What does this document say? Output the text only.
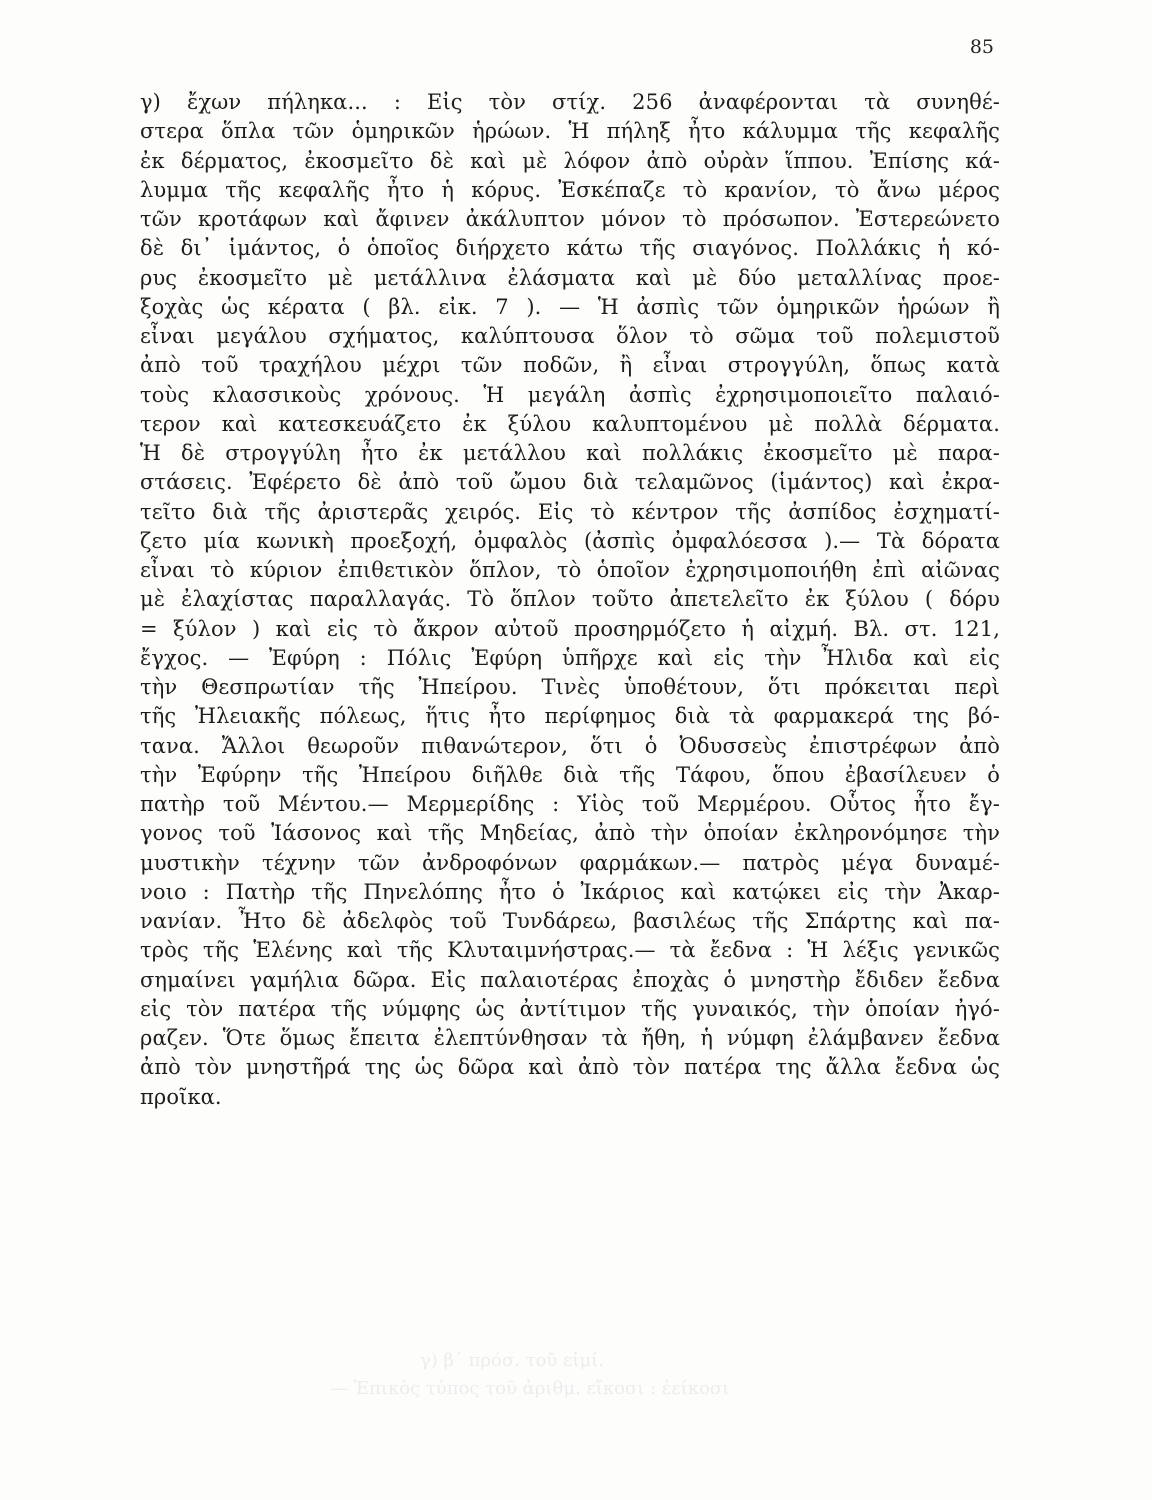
85
γ) β΄ πρόσ. τοῦ εἰμί.
— Ἐπικὸς τύπος τοῦ ἀριθμ. εἴκοσι : ἐείκοσι
γ) ἔχων πήληκα... : Εἰς τὸν στίχ. 256 ἀναφέρονται τὰ συνηθέ-
στερα ὅπλα τῶν ὁμηρικῶν ἡρώων. Ἡ πήληξ ἦτο κάλυμμα τῆς κεφαλῆς
ἐκ δέρματος, ἐκοσμεῖτο δὲ καὶ μὲ λόφον ἀπὸ οὐρὰν ἵππου. Ἐπίσης κά-
λυμμα τῆς κεφαλῆς ἦτο ἡ κόρυς. Ἐσκέπαζε τὸ κρανίον, τὸ ἄνω μέρος
τῶν κροτάφων καὶ ἄφινεν ἀκάλυπτον μόνον τὸ πρόσωπον. Ἐστερεώνετο
δὲ δι᾽ ἱμάντος, ὁ ὁποῖος διήρχετο κάτω τῆς σιαγόνος. Πολλάκις ἡ κό-
ρυς ἐκοσμεῖτο μὲ μετάλλινα ἐλάσματα καὶ μὲ δύο μεταλλίνας προε-
ξοχὰς ὡς κέρατα ( βλ. εἰκ. 7 ). — Ἡ ἀσπὶς τῶν ὁμηρικῶν ἡρώων ἢ
εἶναι μεγάλου σχήματος, καλύπτουσα ὅλον τὸ σῶμα τοῦ πολεμιστοῦ
ἀπὸ τοῦ τραχήλου μέχρι τῶν ποδῶν, ἢ εἶναι στρογγύλη, ὅπως κατὰ
τοὺς κλασσικοὺς χρόνους. Ἡ μεγάλη ἀσπὶς ἐχρησιμοποιεῖτο παλαιό-
τερον καὶ κατεσκευάζετο ἐκ ξύλου καλυπτομένου μὲ πολλὰ δέρματα.
Ἡ δὲ στρογγύλη ἦτο ἐκ μετάλλου καὶ πολλάκις ἐκοσμεῖτο μὲ παρα-
στάσεις. Ἐφέρετο δὲ ἀπὸ τοῦ ὤμου διὰ τελαμῶνος (ἱμάντος) καὶ ἐκρα-
τεῖτο διὰ τῆς ἀριστερᾶς χειρός. Εἰς τὸ κέντρον τῆς ἀσπίδος ἐσχηματί-
ζετο μία κωνικὴ προεξοχή, ὀμφαλὸς (ἀσπὶς ὀμφαλόεσσα ).— Τὰ δόρατα
εἶναι τὸ κύριον ἐπιθετικὸν ὅπλον, τὸ ὁποῖον ἐχρησιμοποιήθη ἐπὶ αἰῶνας
μὲ ἐλαχίστας παραλλαγάς. Τὸ ὅπλον τοῦτο ἀπετελεῖτο ἐκ ξύλου ( δόρυ
= ξύλον ) καὶ εἰς τὸ ἄκρον αὐτοῦ προσηρμόζετο ἡ αἰχμή. Βλ. στ. 121,
ἔγχος. — Ἐφύρη : Πόλις Ἐφύρη ὑπῆρχε καὶ εἰς τὴν Ἦλιδα καὶ εἰς
τὴν Θεσπρωτίαν τῆς Ἠπείρου. Τινὲς ὑποθέτουν, ὅτι πρόκειται περὶ
τῆς Ἠλειακῆς πόλεως, ἥτις ἦτο περίφημος διὰ τὰ φαρμακερά της βό-
τανα. Ἄλλοι θεωροῦν πιθανώτερον, ὅτι ὁ Ὀδυσσεὺς ἐπιστρέφων ἀπὸ
τὴν Ἐφύρην τῆς Ἠπείρου διῆλθε διὰ τῆς Τάφου, ὅπου ἐβασίλευεν ὁ
πατὴρ τοῦ Μέντου.— Μερμερίδης : Υἱὸς τοῦ Μερμέρου. Οὗτος ἦτο ἔγ-
γονος τοῦ Ἰάσονος καὶ τῆς Μηδείας, ἀπὸ τὴν ὁποίαν ἐκληρονόμησε τὴν
μυστικὴν τέχνην τῶν ἀνδροφόνων φαρμάκων.— πατρὸς μέγα δυναμέ-
νοιο : Πατὴρ τῆς Πηνελόπης ἦτο ὁ Ἰκάριος καὶ κατῴκει εἰς τὴν Ἀκαρ-
νανίαν. Ἦτο δὲ ἀδελφὸς τοῦ Τυνδάρεω, βασιλέως τῆς Σπάρτης καὶ πα-
τρὸς τῆς Ἑλένης καὶ τῆς Κλυταιμνήστρας.— τὰ ἔεδνα : Ἡ λέξις γενικῶς
σημαίνει γαμήλια δῶρα. Εἰς παλαιοτέρας ἐποχὰς ὁ μνηστὴρ ἔδιδεν ἔεδνα
εἰς τὸν πατέρα τῆς νύμφης ὡς ἀντίτιμον τῆς γυναικός, τὴν ὁποίαν ἠγό-
ραζεν. Ὅτε ὅμως ἔπειτα ἐλεπτύνθησαν τὰ ἤθη, ἡ νύμφη ἐλάμβανεν ἔεδνα
ἀπὸ τὸν μνηστῆρά της ὡς δῶρα καὶ ἀπὸ τὸν πατέρα της ἄλλα ἔεδνα ὡς
προῖκα.
